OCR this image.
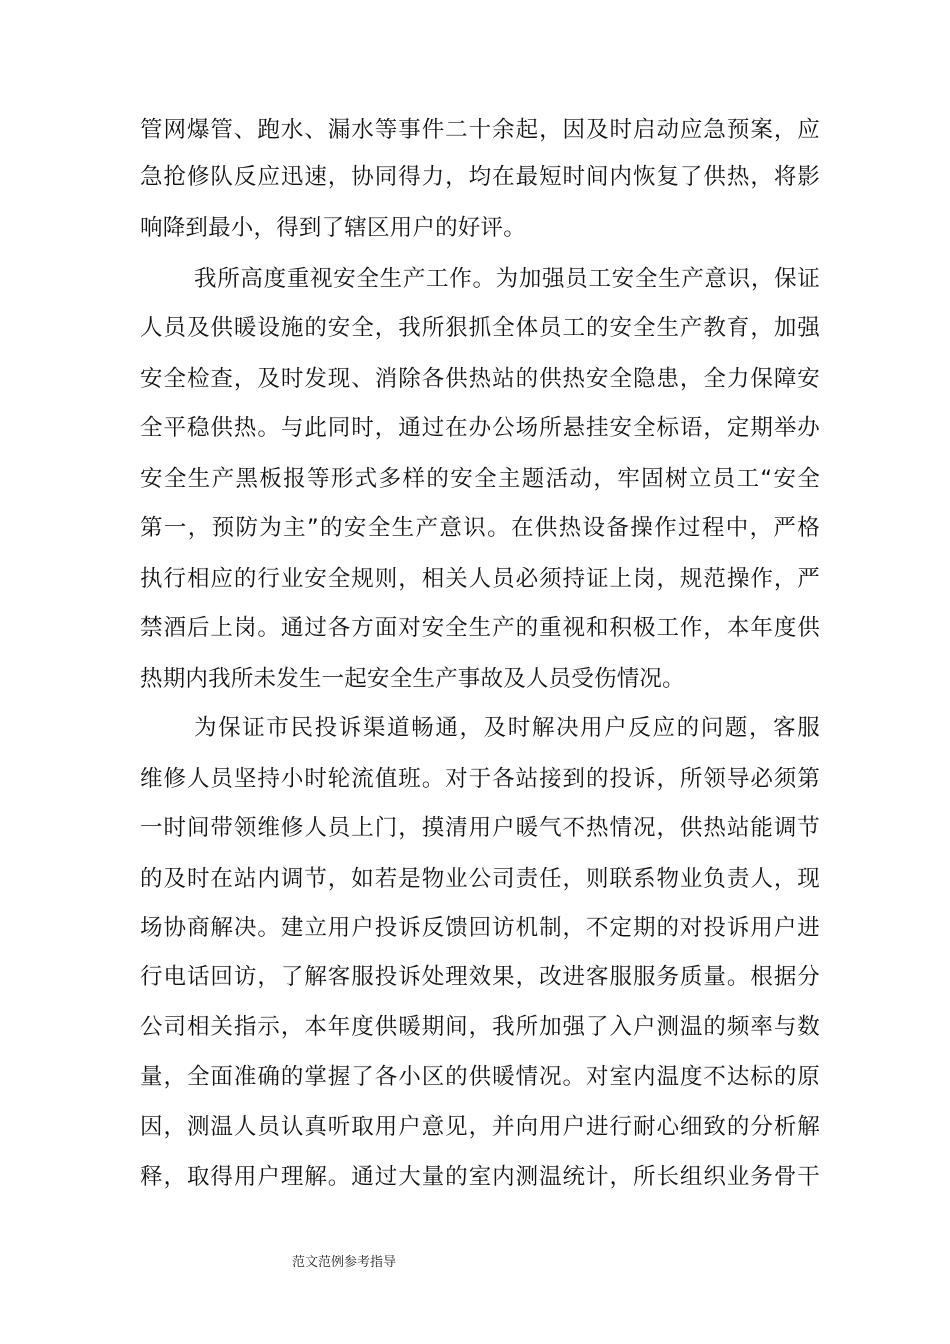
管网爆管、跑水、漏水等事件二十余起，因及时启动应急预案，应
急抢修队反应迅速，协同得力，均在最短时间内恢复了供热，将影
响降到最小，得到了辖区用户的好评。
我所高度重视安全生产工作。为加强员工安全生产意识，保证
人员及供暖设施的安全，我所狠抓全体员工的安全生产教育，加强
安全检查，及时发现、消除各供热站的供热安全隐患，全力保障安
全平稳供热。与此同时，通过在办公场所悬挂安全标语，定期举办
安全生产黑板报等形式多样的安全主题活动，牢固树立员工“安全
第一，预防为主”的安全生产意识。在供热设备操作过程中，严格
执行相应的行业安全规则，相关人员必须持证上岗，规范操作，严
禁酒后上岗。通过各方面对安全生产的重视和积极工作，本年度供
热期内我所未发生一起安全生产事故及人员受伤情况。
为保证市民投诉渠道畅通，及时解决用户反应的问题，客服
维修人员坚持小时轮流值班。对于各站接到的投诉，所领导必须第
一时间带领维修人员上门，摸清用户暖气不热情况，供热站能调节
的及时在站内调节，如若是物业公司责任，则联系物业负责人，现
场协商解决。建立用户投诉反馈回访机制，不定期的对投诉用户进
行电话回访，了解客服投诉处理效果，改进客服服务质量。根据分
公司相关指示，本年度供暖期间，我所加强了入户测温的频率与数
量，全面准确的掌握了各小区的供暖情况。对室内温度不达标的原
因，测温人员认真听取用户意见，并向用户进行耐心细致的分析解
释，取得用户理解。通过大量的室内测温统计，所长组织业务骨干
范文范例参考指导
